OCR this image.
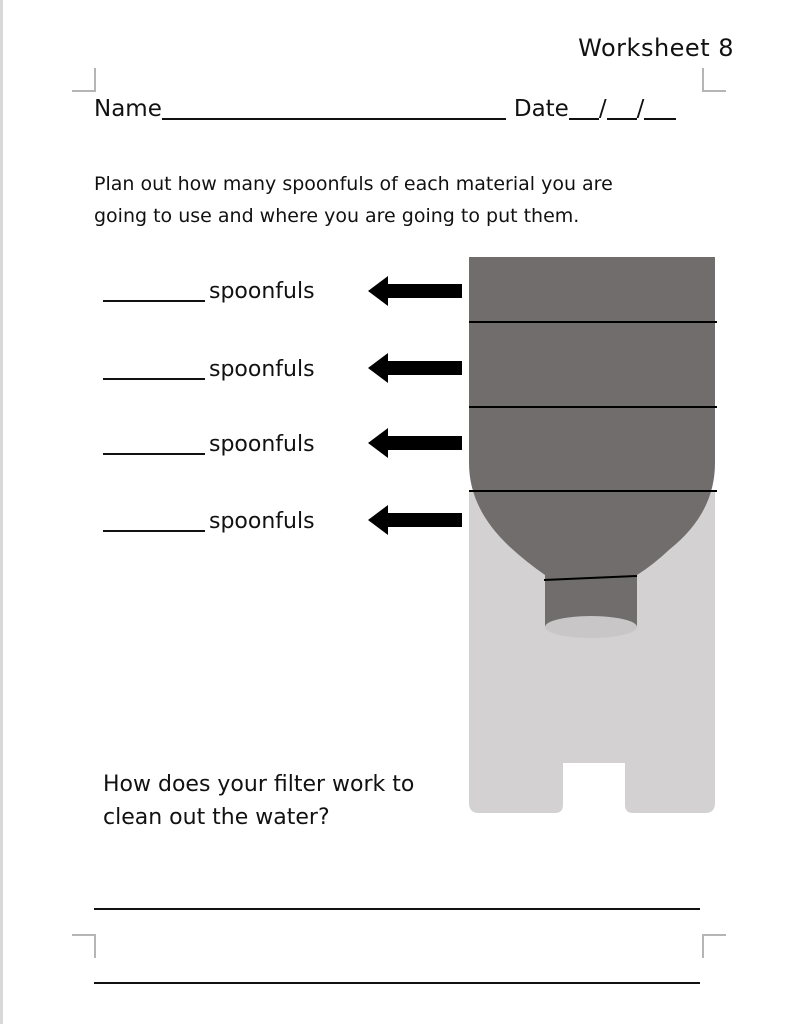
Worksheet 8
Name	Date / /
Plan out how many spoonfuls of each material you are
going to use and where you are going to put them.
spoonfuls
spoonfuls
spoonfuls
spoonfuls
How does your filter work to
clean out the water?
